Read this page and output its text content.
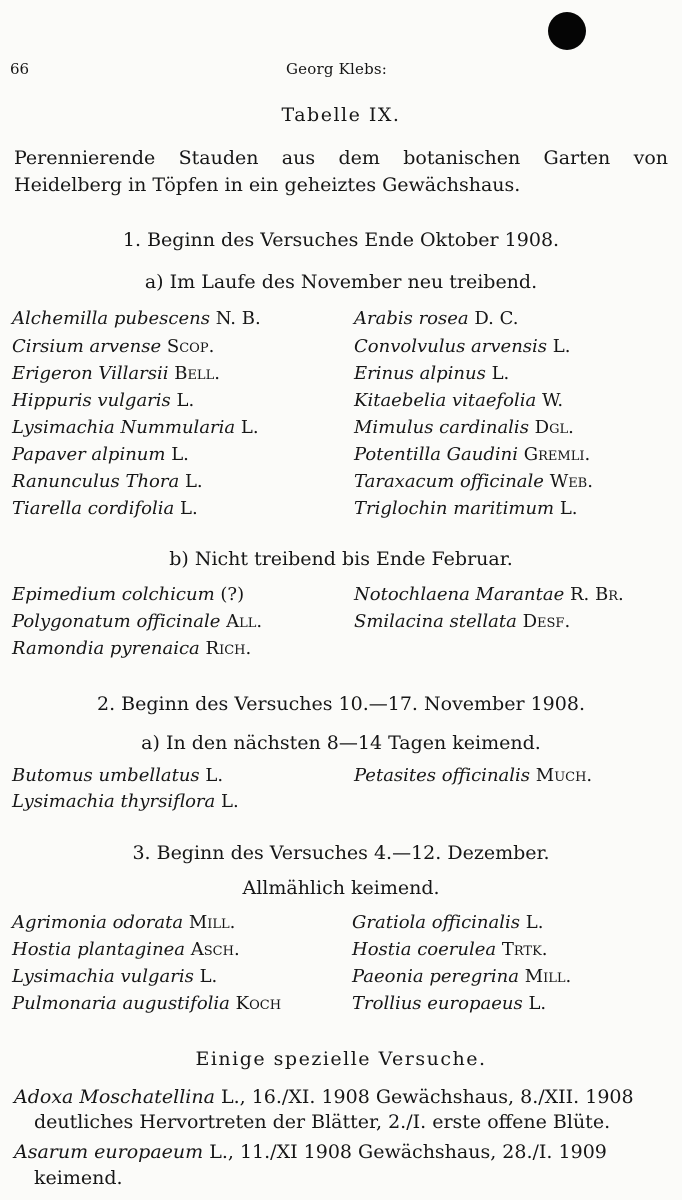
66	Georg Klebs:
Tabelle IX.
Perennierende Stauden aus dem botanischen Garten von
Heidelberg in Töpfen in ein geheiztes Gewächshaus.
1. Beginn des Versuches Ende Oktober 1908.
a) Im Laufe des November neu treibend.
Alchemilla pubescens N. B.
Cirsium arvense Scop.
Erigeron Villarsii Bell.
Hippuris vulgaris L.
Lysimachia Nummularia L.
Papaver alpinum L.
Ranunculus Thora L.
Tiarella cordifolia L.
Arabis rosea D. C.
Convolvulus arvensis L.
Erinus alpinus L.
Kitaebelia vitaefolia W.
Mimulus cardinalis Dgl.
Potentilla Gaudini Gremli.
Taraxacum officinale Web.
Triglochin maritimum L.
b) Nicht treibend bis Ende Februar.
Epimedium colchicum (?)
Polygonatum officinale All.
Ramondia pyrenaica Rich.
Notochlaena Marantae R. Br.
Smilacina stellata Desf.
2. Beginn des Versuches 10.—17. November 1908.
a) In den nächsten 8—14 Tagen keimend.
Butomus umbellatus L.
Lysimachia thyrsiflora L.
Petasites officinalis Much.
3. Beginn des Versuches 4.—12. Dezember.
Allmählich keimend.
Agrimonia odorata Mill.
Hostia plantaginea Asch.
Lysimachia vulgaris L.
Pulmonaria augustifolia Koch
Gratiola officinalis L.
Hostia coerulea Trtk.
Paeonia peregrina Mill.
Trollius europaeus L.
Einige spezielle Versuche.
Adoxa Moschatellina L., 16./XI. 1908 Gewächshaus, 8./XII. 1908
deutliches Hervortreten der Blätter, 2./I. erste offene Blüte.
Asarum europaeum L., 11./XI 1908 Gewächshaus, 28./I. 1909
keimend.
